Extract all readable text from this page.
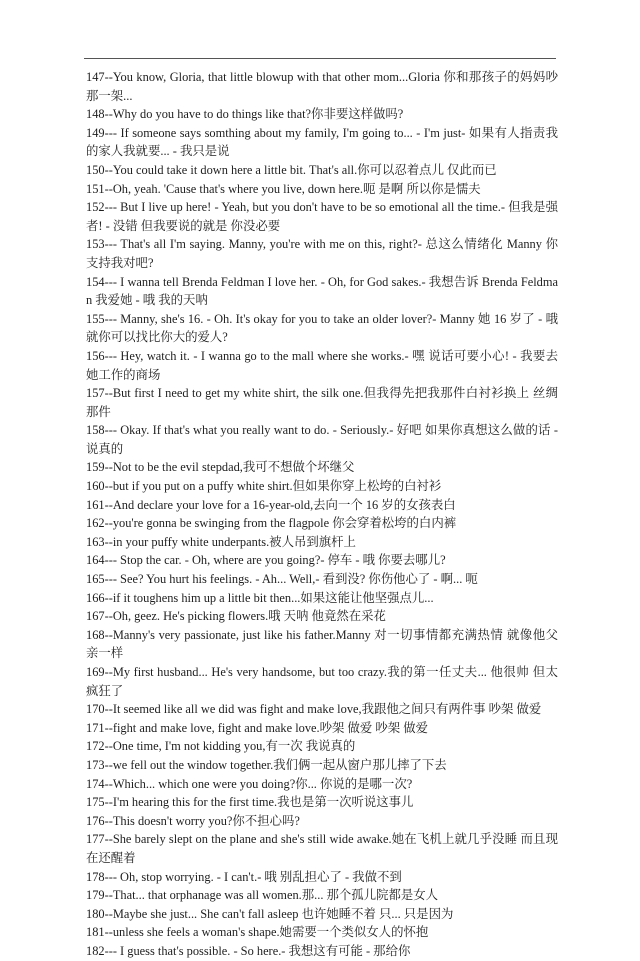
147--You know, Gloria, that little blowup with that other mom...Gloria 你和那孩子的妈妈吵那一架...

148--Why do you have to do things like that?你非要这样做吗?

149--- If someone says somthing about my family, I'm going to... - I'm just- 如果有人指责我的家人我就要... - 我只是说

150--You could take it down here a little bit. That's all.你可以忍着点儿 仅此而已

151--Oh, yeah. 'Cause that's where you live, down here.呃 是啊 所以你是懦夫

152--- But I live up here! - Yeah, but you don't have to be so emotional all the time.- 但我是强者! - 没错 但我要说的就是 你没必要

153--- That's all I'm saying. Manny, you're with me on this, right?- 总这么情绪化 Manny 你支持我对吧?

154--- I wanna tell Brenda Feldman I love her. - Oh, for God sakes.- 我想告诉 Brenda Feldman 我爱她 - 哦 我的天呐

155--- Manny, she's 16. - Oh. It's okay for you to take an older lover?- Manny 她 16 岁了 - 哦 就你可以找比你大的爱人?

156--- Hey, watch it. - I wanna go to the mall where she works.- 嘿 说话可要小心! - 我要去她工作的商场

157--But first I need to get my white shirt, the silk one.但我得先把我那件白衬衫换上 丝绸那件

158--- Okay. If that's what you really want to do. - Seriously.- 好吧 如果你真想这么做的话 - 说真的

159--Not to be the evil stepdad,我可不想做个坏继父

160--but if you put on a puffy white shirt.但如果你穿上松垮的白衬衫

161--And declare your love for a 16-year-old,去向一个 16 岁的女孩表白

162--you're gonna be swinging from the flagpole 你会穿着松垮的白内裤

163--in your puffy white underpants.被人吊到旗杆上

164--- Stop the car. - Oh, where are you going?- 停车 - 哦 你要去哪儿?

165--- See? You hurt his feelings. - Ah... Well,- 看到没? 你伤他心了 - 啊... 呃

166--if it toughens him up a little bit then...如果这能让他坚强点儿...

167--Oh, geez. He's picking flowers.哦 天呐 他竟然在采花

168--Manny's very passionate, just like his father.Manny 对一切事情都充满热情 就像他父亲一样

169--My first husband... He's very handsome, but too crazy.我的第一任丈夫... 他很帅 但太疯狂了

170--It seemed like all we did was fight and make love,我跟他之间只有两件事 吵架 做爱

171--fight and make love, fight and make love.吵架 做爱 吵架 做爱

172--One time, I'm not kidding you,有一次 我说真的

173--we fell out the window together.我们俩一起从窗户那儿摔了下去

174--Which... which one were you doing?你... 你说的是哪一次?

175--I'm hearing this for the first time.我也是第一次听说这事儿

176--This doesn't worry you?你不担心吗?

177--She barely slept on the plane and she's still wide awake.她在飞机上就几乎没睡 而且现在还醒着

178--- Oh, stop worrying. - I can't.- 哦 别乱担心了 - 我做不到

179--That... that orphanage was all women.那... 那个孤儿院都是女人

180--Maybe she just... She can't fall asleep 也许她睡不着 只... 只是因为

181--unless she feels a woman's shape.她需要一个类似女人的怀抱

182--- I guess that's possible. - So here.- 我想这有可能 - 那给你
